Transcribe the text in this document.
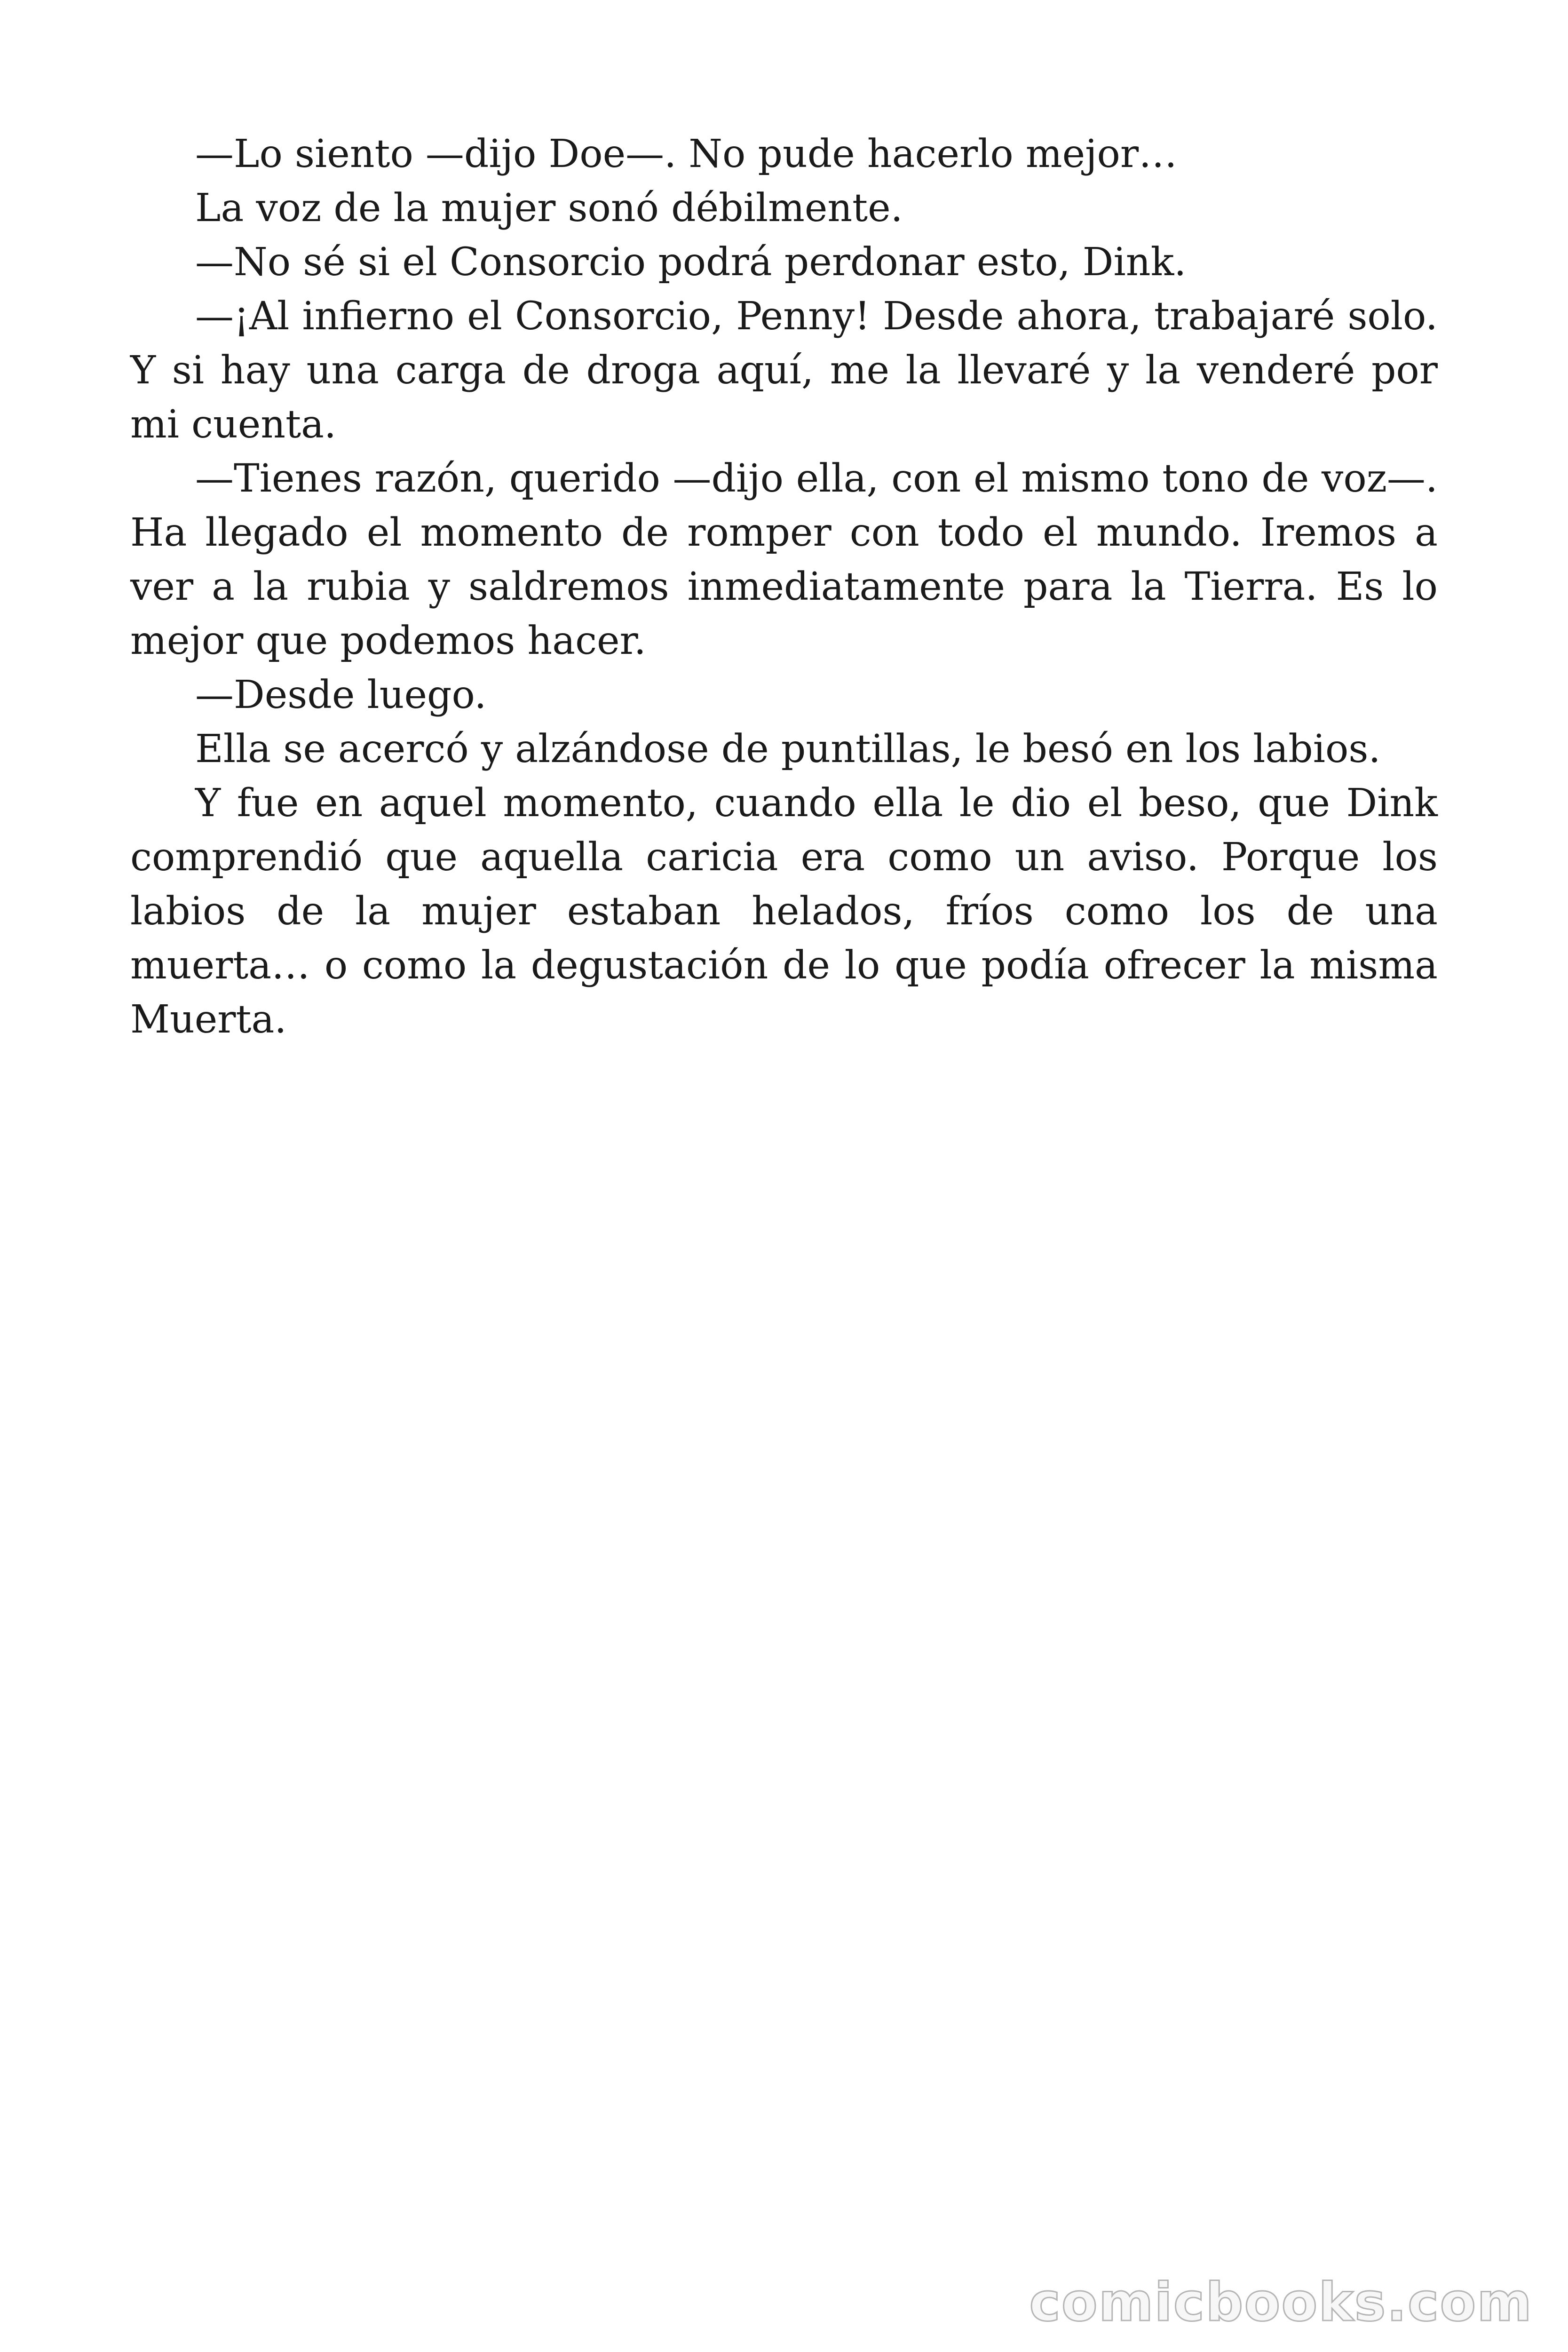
—Lo siento —dijo Doe—. No pude hacerlo mejor…

La voz de la mujer sonó débilmente.

—No sé si el Consorcio podrá perdonar esto, Dink.

—¡Al infierno el Consorcio, Penny! Desde ahora, trabajaré solo. Y si hay una carga de droga aquí, me la llevaré y la venderé por mi cuenta.

—Tienes razón, querido —dijo ella, con el mismo tono de voz—. Ha llegado el momento de romper con todo el mundo. Iremos a ver a la rubia y saldremos inmediatamente para la Tierra. Es lo mejor que podemos hacer.

—Desde luego.

Ella se acercó y alzándose de puntillas, le besó en los labios.

Y fue en aquel momento, cuando ella le dio el beso, que Dink comprendió que aquella caricia era como un aviso. Porque los labios de la mujer estaban helados, fríos como los de una muerta… o como la degustación de lo que podía ofrecer la misma Muerta.

comicbooks.com
